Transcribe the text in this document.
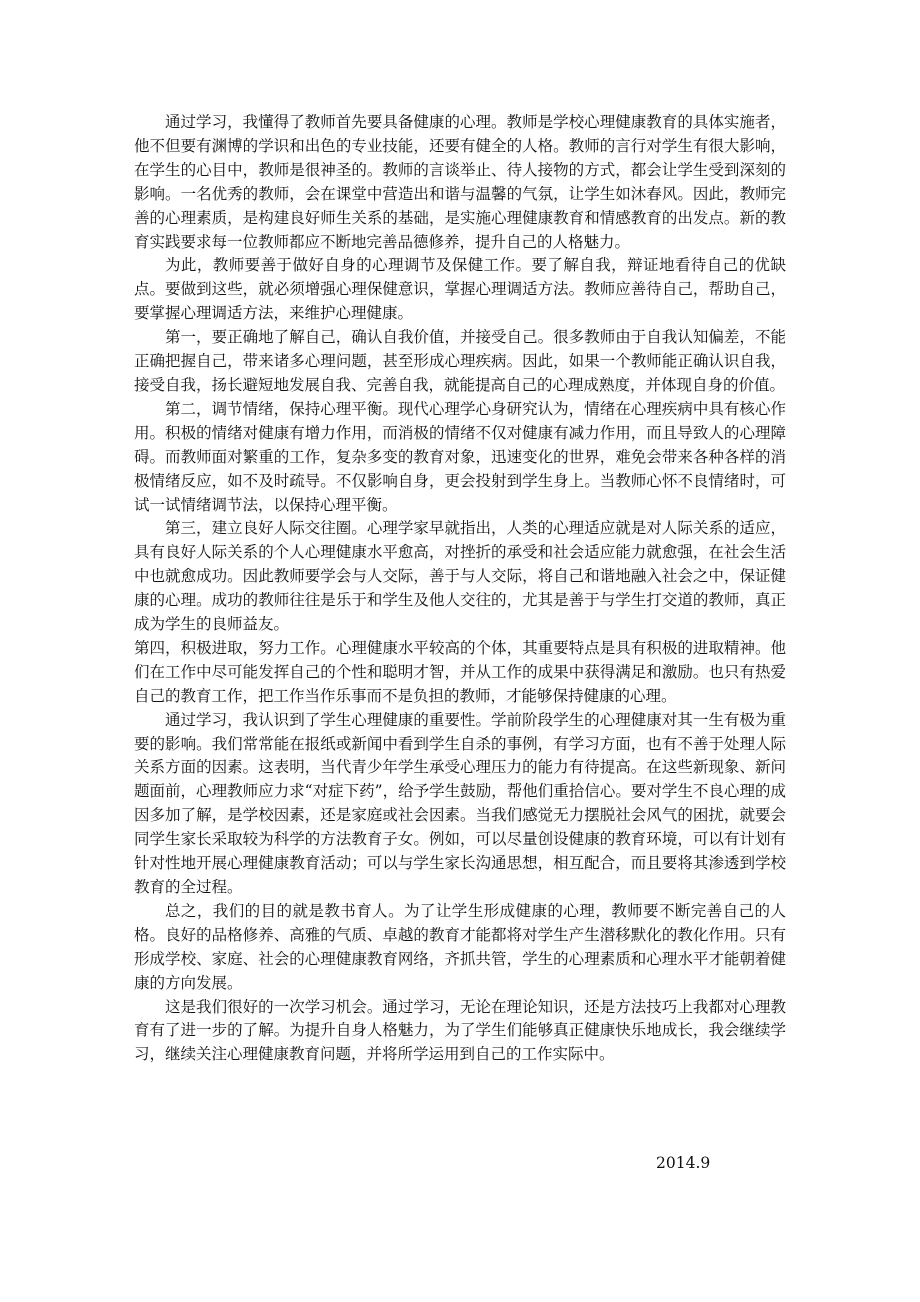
通过学习，我懂得了教师首先要具备健康的心理。教师是学校心理健康教育的具体实施者，他不但要有渊博的学识和出色的专业技能，还要有健全的人格。教师的言行对学生有很大影响，在学生的心目中，教师是很神圣的。教师的言谈举止、待人接物的方式，都会让学生受到深刻的影响。一名优秀的教师，会在课堂中营造出和谐与温馨的气氛，让学生如沐春风。因此，教师完善的心理素质，是构建良好师生关系的基础，是实施心理健康教育和情感教育的出发点。新的教育实践要求每一位教师都应不断地完善品德修养，提升自己的人格魅力。

为此，教师要善于做好自身的心理调节及保健工作。要了解自我，辩证地看待自己的优缺点。要做到这些，就必须增强心理保健意识，掌握心理调适方法。教师应善待自己，帮助自己，要掌握心理调适方法，来维护心理健康。

第一，要正确地了解自己，确认自我价值，并接受自己。很多教师由于自我认知偏差，不能正确把握自己，带来诸多心理问题，甚至形成心理疾病。因此，如果一个教师能正确认识自我，接受自我，扬长避短地发展自我、完善自我，就能提高自己的心理成熟度，并体现自身的价值。

第二，调节情绪，保持心理平衡。现代心理学心身研究认为，情绪在心理疾病中具有核心作用。积极的情绪对健康有增力作用，而消极的情绪不仅对健康有减力作用，而且导致人的心理障碍。而教师面对繁重的工作，复杂多变的教育对象，迅速变化的世界，难免会带来各种各样的消极情绪反应，如不及时疏导。不仅影响自身，更会投射到学生身上。当教师心怀不良情绪时，可试一试情绪调节法，以保持心理平衡。

第三，建立良好人际交往圈。心理学家早就指出，人类的心理适应就是对人际关系的适应，具有良好人际关系的个人心理健康水平愈高，对挫折的承受和社会适应能力就愈强，在社会生活中也就愈成功。因此教师要学会与人交际，善于与人交际，将自己和谐地融入社会之中，保证健康的心理。成功的教师往往是乐于和学生及他人交往的，尤其是善于与学生打交道的教师，真正成为学生的良师益友。

第四，积极进取，努力工作。心理健康水平较高的个体，其重要特点是具有积极的进取精神。他们在工作中尽可能发挥自己的个性和聪明才智，并从工作的成果中获得满足和激励。也只有热爱自己的教育工作，把工作当作乐事而不是负担的教师，才能够保持健康的心理。

通过学习，我认识到了学生心理健康的重要性。学前阶段学生的心理健康对其一生有极为重要的影响。我们常常能在报纸或新闻中看到学生自杀的事例，有学习方面，也有不善于处理人际关系方面的因素。这表明，当代青少年学生承受心理压力的能力有待提高。在这些新现象、新问题面前，心理教师应力求“对症下药”，给予学生鼓励，帮他们重拾信心。要对学生不良心理的成因多加了解，是学校因素，还是家庭或社会因素。当我们感觉无力摆脱社会风气的困扰，就要会同学生家长采取较为科学的方法教育子女。例如，可以尽量创设健康的教育环境，可以有计划有针对性地开展心理健康教育活动；可以与学生家长沟通思想，相互配合，而且要将其渗透到学校教育的全过程。

总之，我们的目的就是教书育人。为了让学生形成健康的心理，教师要不断完善自己的人格。良好的品格修养、高雅的气质、卓越的教育才能都将对学生产生潜移默化的教化作用。只有形成学校、家庭、社会的心理健康教育网络，齐抓共管，学生的心理素质和心理水平才能朝着健康的方向发展。

这是我们很好的一次学习机会。通过学习，无论在理论知识，还是方法技巧上我都对心理教育有了进一步的了解。为提升自身人格魅力，为了学生们能够真正健康快乐地成长，我会继续学习，继续关注心理健康教育问题，并将所学运用到自己的工作实际中。

2014.9
